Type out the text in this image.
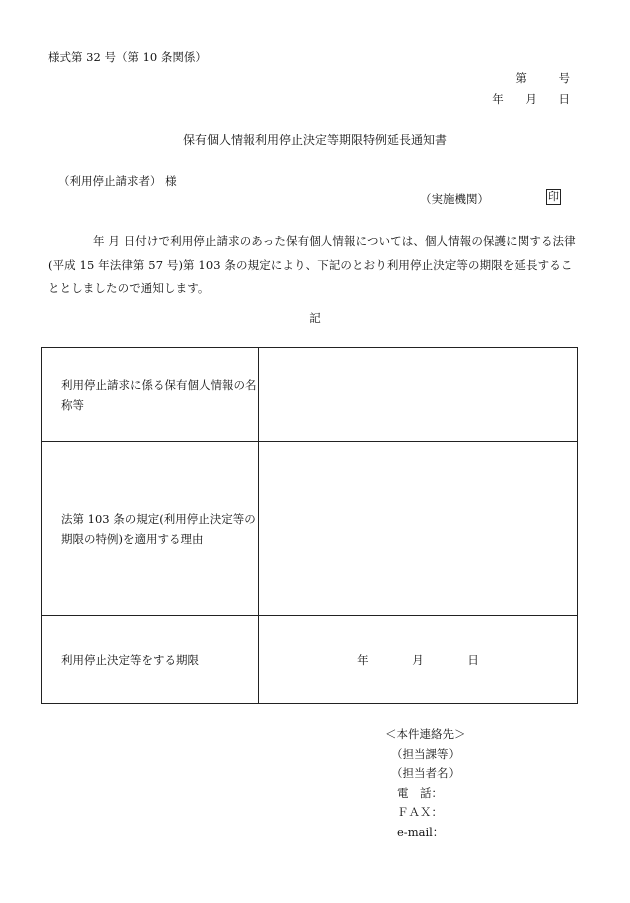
様式第 32 号（第 10 条関係）
第 号
年 月 日
保有個人情報利用停止決定等期限特例延長通知書
（利用停止請求者） 様
（実施機関）	印
年 月 日付けで利用停止請求のあった保有個人情報については、個人情報の保護に関する法律(平成 15 年法律第 57 号)第 103 条の規定により、下記のとおり利用停止決定等の期限を延長することとしましたので通知します。
記
利用停止請求に係る保有個人情報の名称等	
法第 103 条の規定(利用停止決定等の期限の特例)を適用する理由	
利用停止決定等をする期限	年 月 日
＜本件連絡先＞
（担当課等）
（担当者名）
電　話：
ＦＡＸ：
e-mail：
